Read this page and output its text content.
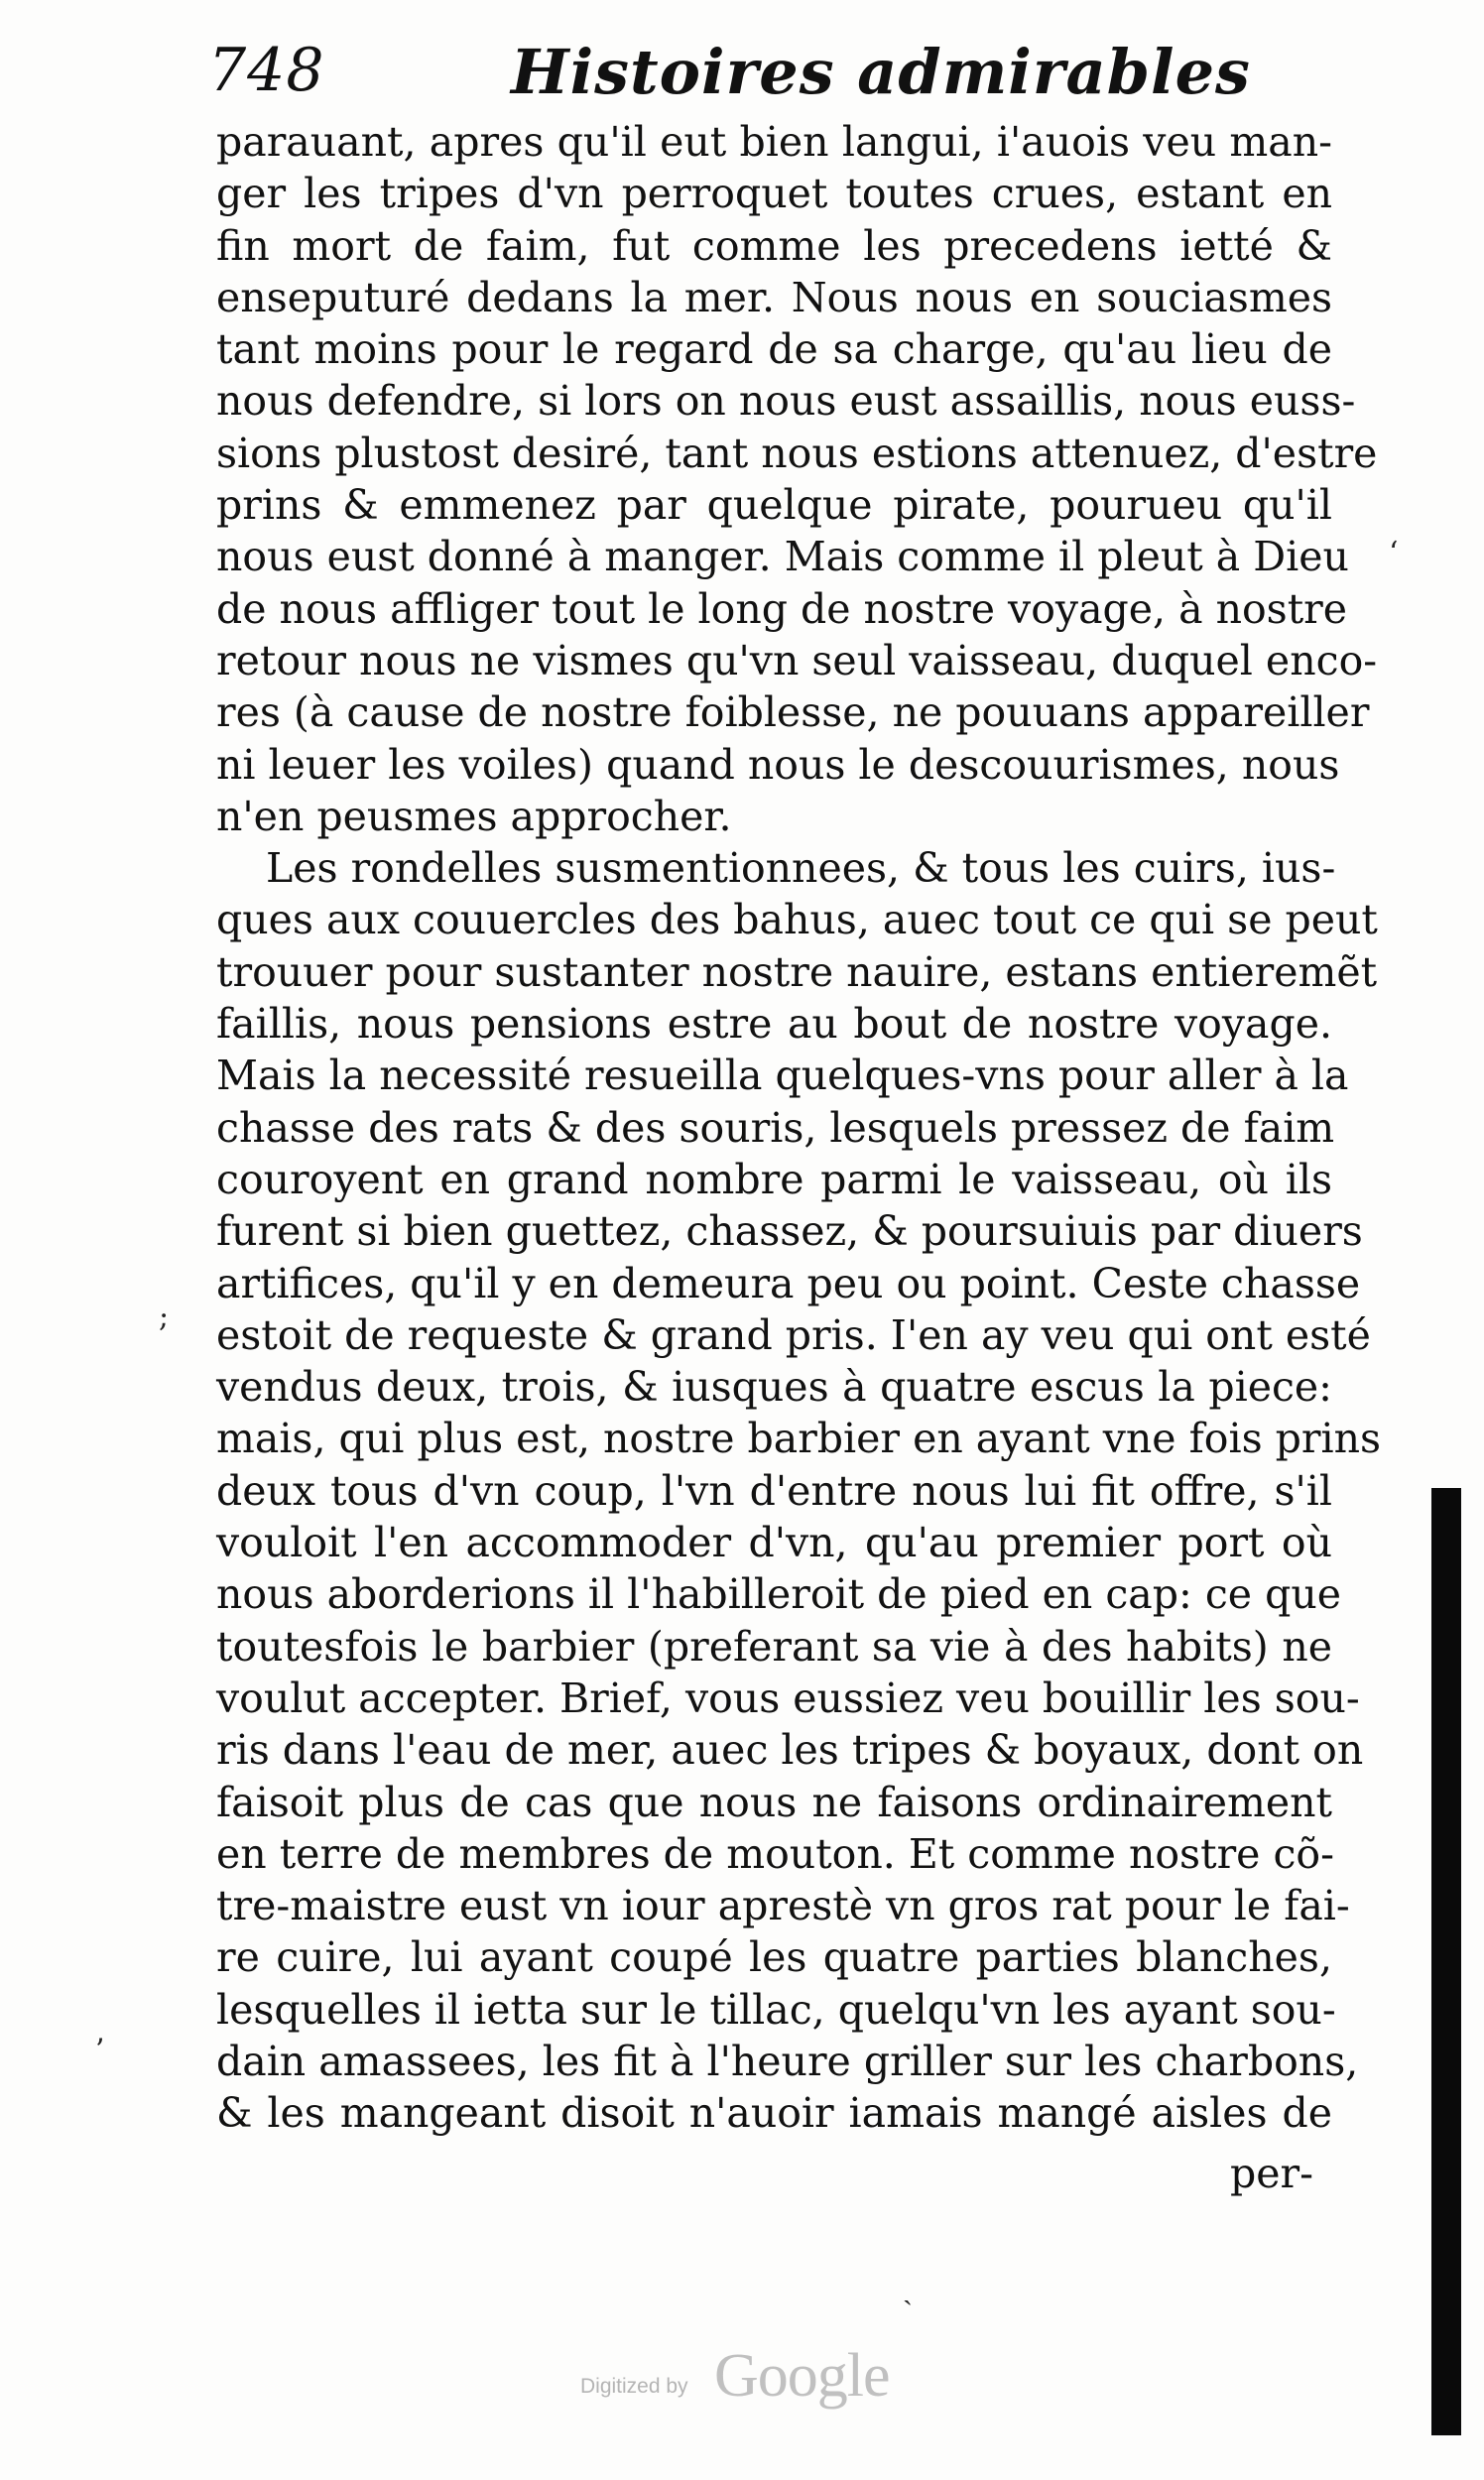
748	Histoires admirables
parauant, apres qu'il eut bien langui, i'auois veu man-
ger les tripes d'vn perroquet toutes crues, estant en
fin mort de faim, fut comme les precedens ietté &
enseputuré dedans la mer. Nous nous en souciasmes
tant moins pour le regard de sa charge, qu'au lieu de
nous defendre, si lors on nous eust assaillis, nous euss-
sions plustost desiré, tant nous estions attenuez, d'estre
prins & emmenez par quelque pirate, pourueu qu'il
nous eust donné à manger. Mais comme il pleut à Dieu
de nous affliger tout le long de nostre voyage, à nostre
retour nous ne vismes qu'vn seul vaisseau, duquel enco-
res (à cause de nostre foiblesse, ne pouuans appareiller
ni leuer les voiles) quand nous le descouurismes, nous
n'en peusmes approcher.
Les rondelles susmentionnees, & tous les cuirs, ius-
ques aux couuercles des bahus, auec tout ce qui se peut
trouuer pour sustanter nostre nauire, estans entieremẽt
faillis, nous pensions estre au bout de nostre voyage.
Mais la necessité resueilla quelques-vns pour aller à la
chasse des rats & des souris, lesquels pressez de faim
couroyent en grand nombre parmi le vaisseau, où ils
furent si bien guettez, chassez, & poursuiuis par diuers
artifices, qu'il y en demeura peu ou point. Ceste chasse
estoit de requeste & grand pris. I'en ay veu qui ont esté
vendus deux, trois, & iusques à quatre escus la piece:
mais, qui plus est, nostre barbier en ayant vne fois prins
deux tous d'vn coup, l'vn d'entre nous lui fit offre, s'il
vouloit l'en accommoder d'vn, qu'au premier port où
nous aborderions il l'habilleroit de pied en cap: ce que
toutesfois le barbier (preferant sa vie à des habits) ne
voulut accepter. Brief, vous eussiez veu bouillir les sou-
ris dans l'eau de mer, auec les tripes & boyaux, dont on
faisoit plus de cas que nous ne faisons ordinairement
en terre de membres de mouton. Et comme nostre cõ-
tre-maistre eust vn iour aprestè vn gros rat pour le fai-
re cuire, lui ayant coupé les quatre parties blanches,
lesquelles il ietta sur le tillac, quelqu'vn les ayant sou-
dain amassees, les fit à l'heure griller sur les charbons,
& les mangeant disoit n'auoir iamais mangé aisles de
per-
ʻ
;
ʼ
ˎ
Digitized by Google
